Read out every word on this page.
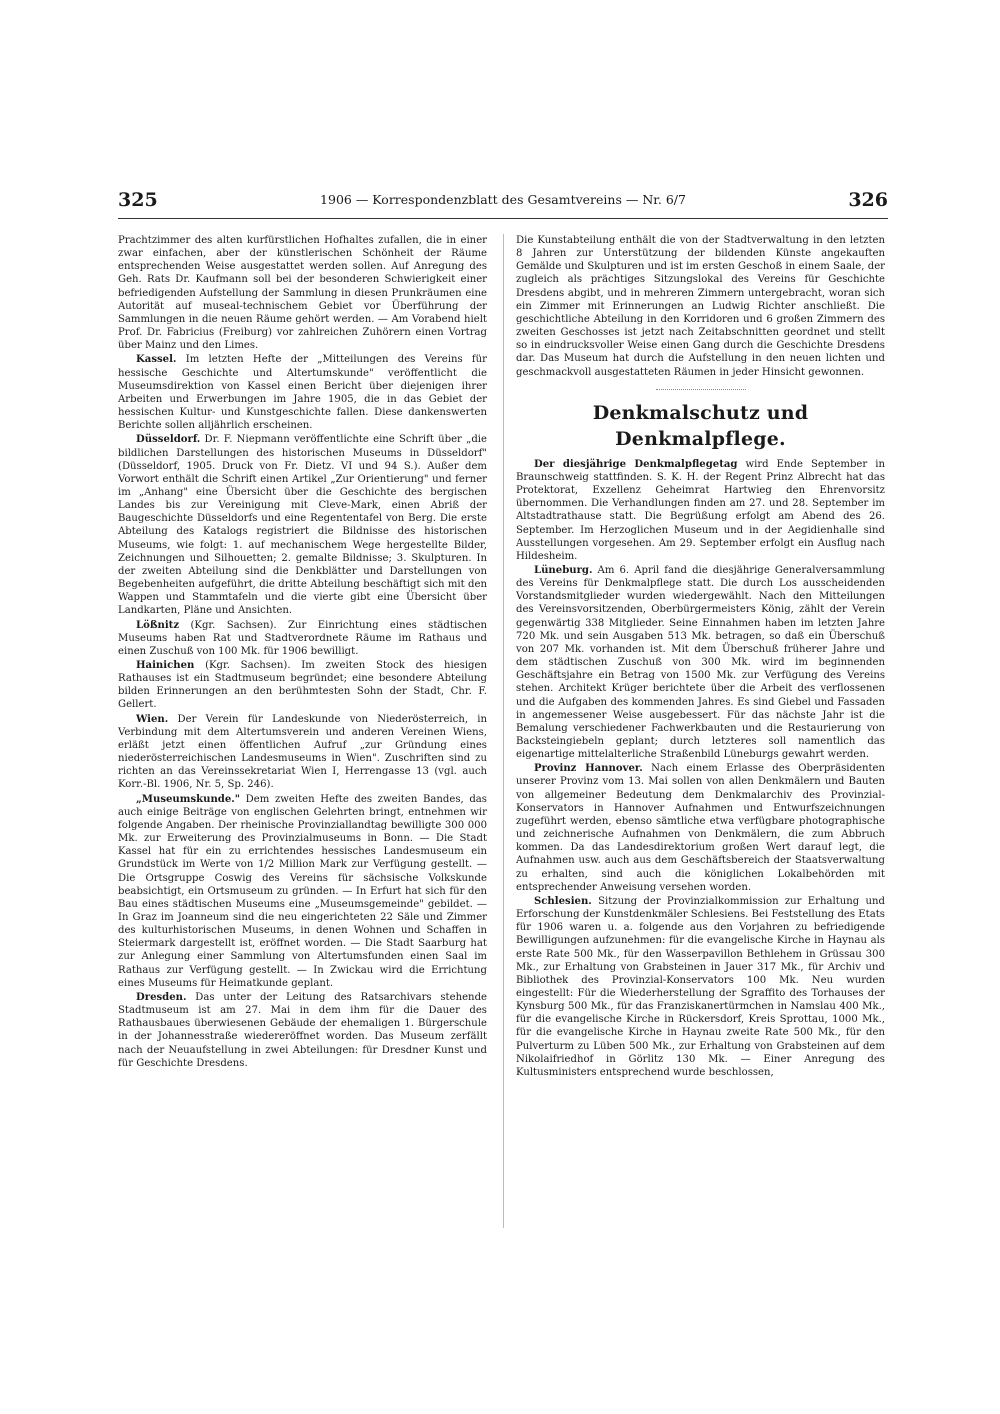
325	1906 — Korrespondenzblatt des Gesamtvereins — Nr. 6/7	326

Prachtzimmer des alten kurfürstlichen Hofhaltes zufallen, die in einer zwar einfachen, aber der künstlerischen Schönheit der Räume entsprechenden Weise ausgestattet werden sollen. Auf Anregung des Geh. Rats Dr. Kaufmann soll bei der besonderen Schwierigkeit einer befriedigenden Aufstellung der Sammlung in diesen Prunkräumen eine Autorität auf museal-technischem Gebiet vor Überführung der Sammlungen in die neuen Räume gehört werden. — Am Vorabend hielt Prof. Dr. Fabricius (Freiburg) vor zahlreichen Zuhörern einen Vortrag über Mainz und den Limes.

Kassel. Im letzten Hefte der „Mitteilungen des Vereins für hessische Geschichte und Altertumskunde" veröffentlicht die Museumsdirektion von Kassel einen Bericht über diejenigen ihrer Arbeiten und Erwerbungen im Jahre 1905, die in das Gebiet der hessischen Kultur- und Kunstgeschichte fallen. Diese dankenswerten Berichte sollen alljährlich erscheinen.

Düsseldorf. Dr. F. Niepmann veröffentlichte eine Schrift über „die bildlichen Darstellungen des historischen Museums in Düsseldorf" (Düsseldorf, 1905. Druck von Fr. Dietz. VI und 94 S.). Außer dem Vorwort enthält die Schrift einen Artikel „Zur Orientierung" und ferner im „Anhang" eine Übersicht über die Geschichte des bergischen Landes bis zur Vereinigung mit Cleve-Mark, einen Abriß der Baugeschichte Düsseldorfs und eine Regententafel von Berg. Die erste Abteilung des Katalogs registriert die Bildnisse des historischen Museums, wie folgt: 1. auf mechanischem Wege hergestellte Bilder, Zeichnungen und Silhouetten; 2. gemalte Bildnisse; 3. Skulpturen. In der zweiten Abteilung sind die Denkblätter und Darstellungen von Begebenheiten aufgeführt, die dritte Abteilung beschäftigt sich mit den Wappen und Stammtafeln und die vierte gibt eine Übersicht über Landkarten, Pläne und Ansichten.

Lößnitz (Kgr. Sachsen). Zur Einrichtung eines städtischen Museums haben Rat und Stadtverordnete Räume im Rathaus und einen Zuschuß von 100 Mk. für 1906 bewilligt.

Hainichen (Kgr. Sachsen). Im zweiten Stock des hiesigen Rathauses ist ein Stadtmuseum begründet; eine besondere Abteilung bilden Erinnerungen an den berühmtesten Sohn der Stadt, Chr. F. Gellert.

Wien. Der Verein für Landeskunde von Niederösterreich, in Verbindung mit dem Altertumsverein und anderen Vereinen Wiens, erläßt jetzt einen öffentlichen Aufruf „zur Gründung eines niederösterreichischen Landesmuseums in Wien". Zuschriften sind zu richten an das Vereinssekretariat Wien I, Herrengasse 13 (vgl. auch Korr.-Bl. 1906, Nr. 5, Sp. 246).

„Museumskunde." Dem zweiten Hefte des zweiten Bandes, das auch einige Beiträge von englischen Gelehrten bringt, entnehmen wir folgende Angaben. Der rheinische Provinziallandtag bewilligte 300 000 Mk. zur Erweiterung des Provinzialmuseums in Bonn. — Die Stadt Kassel hat für ein zu errichtendes hessisches Landesmuseum ein Grundstück im Werte von 1/2 Million Mark zur Verfügung gestellt. — Die Ortsgruppe Coswig des Vereins für sächsische Volkskunde beabsichtigt, ein Ortsmuseum zu gründen. — In Erfurt hat sich für den Bau eines städtischen Museums eine „Museumsgemeinde" gebildet. — In Graz im Joanneum sind die neu eingerichteten 22 Säle und Zimmer des kulturhistorischen Museums, in denen Wohnen und Schaffen in Steiermark dargestellt ist, eröffnet worden. — Die Stadt Saarburg hat zur Anlegung einer Sammlung von Altertumsfunden einen Saal im Rathaus zur Verfügung gestellt. — In Zwickau wird die Errichtung eines Museums für Heimatkunde geplant.

Dresden. Das unter der Leitung des Ratsarchivars stehende Stadtmuseum ist am 27. Mai in dem ihm für die Dauer des Rathausbaues überwiesenen Gebäude der ehemaligen 1. Bürgerschule in der Johannesstraße wiedereröffnet worden. Das Museum zerfällt nach der Neuaufstellung in zwei Abteilungen: für Dresdner Kunst und für Geschichte Dresdens.

Die Kunstabteilung enthält die von der Stadtverwaltung in den letzten 8 Jahren zur Unterstützung der bildenden Künste angekauften Gemälde und Skulpturen und ist im ersten Geschoß in einem Saale, der zugleich als prächtiges Sitzungslokal des Vereins für Geschichte Dresdens abgibt, und in mehreren Zimmern untergebracht, woran sich ein Zimmer mit Erinnerungen an Ludwig Richter anschließt. Die geschichtliche Abteilung in den Korridoren und 6 großen Zimmern des zweiten Geschosses ist jetzt nach Zeitabschnitten geordnet und stellt so in eindrucksvoller Weise einen Gang durch die Geschichte Dresdens dar. Das Museum hat durch die Aufstellung in den neuen lichten und geschmackvoll ausgestatteten Räumen in jeder Hinsicht gewonnen.

Denkmalschutz und Denkmalpflege.

Der diesjährige Denkmalpflegetag wird Ende September in Braunschweig stattfinden. S. K. H. der Regent Prinz Albrecht hat das Protektorat, Exzellenz Geheimrat Hartwieg den Ehrenvorsitz übernommen. Die Verhandlungen finden am 27. und 28. September im Altstadtrathause statt. Die Begrüßung erfolgt am Abend des 26. September. Im Herzoglichen Museum und in der Aegidienhalle sind Ausstellungen vorgesehen. Am 29. September erfolgt ein Ausflug nach Hildesheim.

Lüneburg. Am 6. April fand die diesjährige Generalversammlung des Vereins für Denkmalpflege statt. Die durch Los ausscheidenden Vorstandsmitglieder wurden wiedergewählt. Nach den Mitteilungen des Vereinsvorsitzenden, Oberbürgermeisters König, zählt der Verein gegenwärtig 338 Mitglieder. Seine Einnahmen haben im letzten Jahre 720 Mk. und sein Ausgaben 513 Mk. betragen, so daß ein Überschuß von 207 Mk. vorhanden ist. Mit dem Überschuß früherer Jahre und dem städtischen Zuschuß von 300 Mk. wird im beginnenden Geschäftsjahre ein Betrag von 1500 Mk. zur Verfügung des Vereins stehen. Architekt Krüger berichtete über die Arbeit des verflossenen und die Aufgaben des kommenden Jahres. Es sind Giebel und Fassaden in angemessener Weise ausgebessert. Für das nächste Jahr ist die Bemalung verschiedener Fachwerkbauten und die Restaurierung von Backsteingiebeln geplant; durch letzteres soll namentlich das eigenartige mittelalterliche Straßenbild Lüneburgs gewahrt werden.

Provinz Hannover. Nach einem Erlasse des Oberpräsidenten unserer Provinz vom 13. Mai sollen von allen Denkmälern und Bauten von allgemeiner Bedeutung dem Denkmalarchiv des Provinzial-Konservators in Hannover Aufnahmen und Entwurfszeichnungen zugeführt werden, ebenso sämtliche etwa verfügbare photographische und zeichnerische Aufnahmen von Denkmälern, die zum Abbruch kommen. Da das Landesdirektorium großen Wert darauf legt, die Aufnahmen usw. auch aus dem Geschäftsbereich der Staatsverwaltung zu erhalten, sind auch die königlichen Lokalbehörden mit entsprechender Anweisung versehen worden.

Schlesien. Sitzung der Provinzialkommission zur Erhaltung und Erforschung der Kunstdenkmäler Schlesiens. Bei Feststellung des Etats für 1906 waren u. a. folgende aus den Vorjahren zu befriedigende Bewilligungen aufzunehmen: für die evangelische Kirche in Haynau als erste Rate 500 Mk., für den Wasserpavillon Bethlehem in Grüssau 300 Mk., zur Erhaltung von Grabsteinen in Jauer 317 Mk., für Archiv und Bibliothek des Provinzial-Konservators 100 Mk. Neu wurden eingestellt: Für die Wiederherstellung der Sgraffito des Torhauses der Kynsburg 500 Mk., für das Franziskanertürmchen in Namslau 400 Mk., für die evangelische Kirche in Rückersdorf, Kreis Sprottau, 1000 Mk., für die evangelische Kirche in Haynau zweite Rate 500 Mk., für den Pulverturm zu Lüben 500 Mk., zur Erhaltung von Grabsteinen auf dem Nikolaifriedhof in Görlitz 130 Mk. — Einer Anregung des Kultusministers entsprechend wurde beschlossen,
